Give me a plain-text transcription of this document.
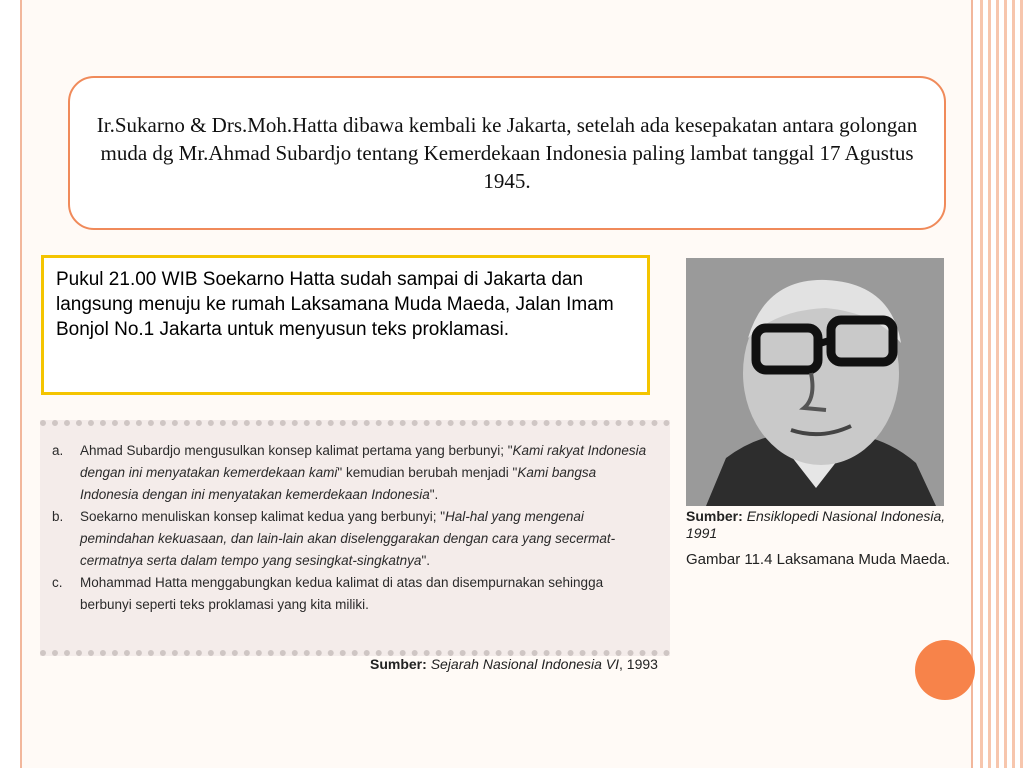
Ir.Sukarno & Drs.Moh.Hatta dibawa kembali ke Jakarta, setelah ada kesepakatan antara golongan muda dg Mr.Ahmad Subardjo tentang Kemerdekaan Indonesia paling lambat tanggal 17 Agustus 1945.
Pukul 21.00 WIB Soekarno Hatta sudah sampai di Jakarta dan langsung menuju ke rumah Laksamana Muda Maeda, Jalan Imam Bonjol No.1 Jakarta untuk menyusun teks proklamasi.
Sumber: Ensiklopedi Nasional Indonesia, 1991
Gambar 11.4 Laksamana Muda Maeda.
a.	Ahmad Subardjo mengusulkan konsep kalimat pertama yang berbunyi; "Kami rakyat Indonesia dengan ini menyatakan kemerdekaan kami" kemudian berubah menjadi "Kami bangsa Indonesia dengan ini menyatakan kemerdekaan Indonesia".
b.	Soekarno menuliskan konsep kalimat kedua yang berbunyi; "Hal-hal yang mengenai pemindahan kekuasaan, dan lain-lain akan diselenggarakan dengan cara yang secermat-cermatnya serta dalam tempo yang sesingkat-singkatnya".
c.	Mohammad Hatta menggabungkan kedua kalimat di atas dan disempurnakan sehingga berbunyi seperti teks proklamasi yang kita miliki.
Sumber: Sejarah Nasional Indonesia VI, 1993
